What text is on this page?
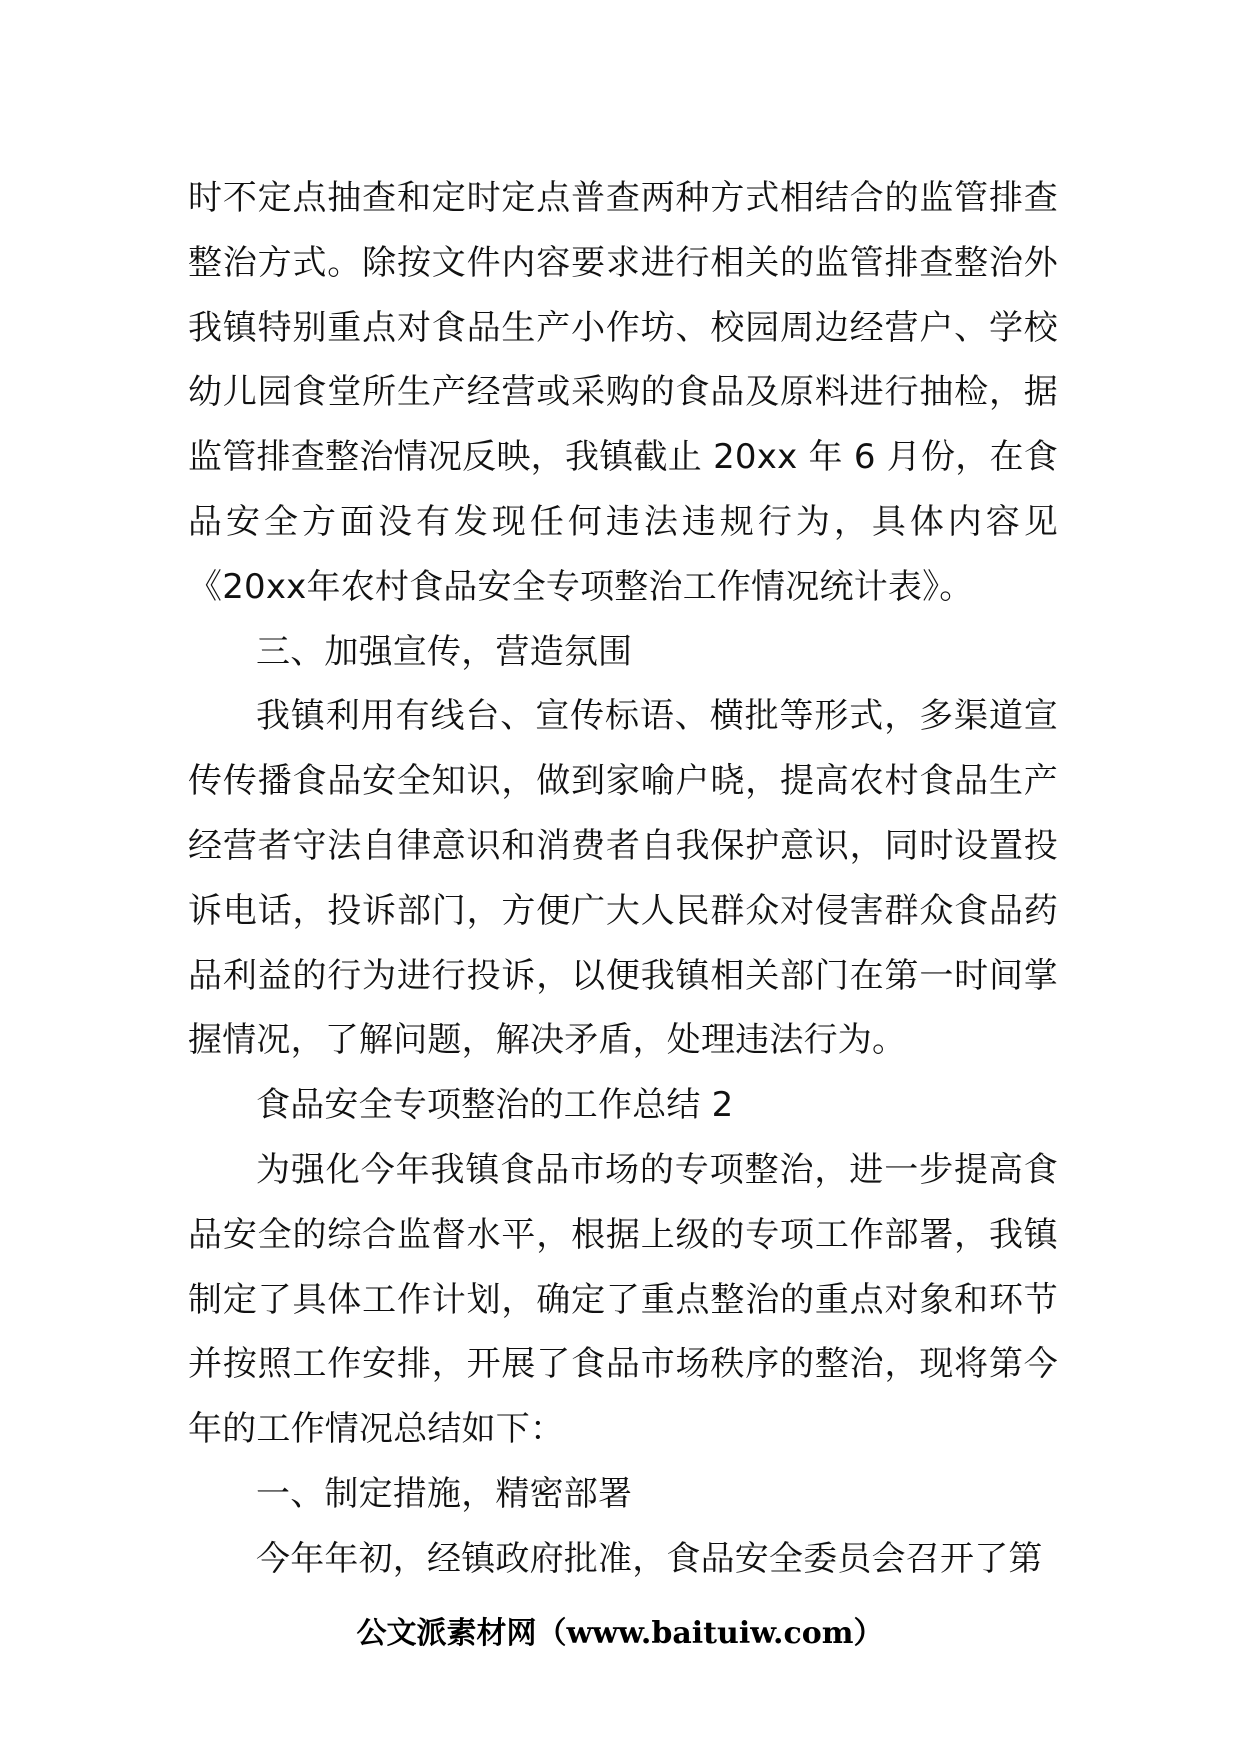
时不定点抽查和定时定点普查两种方式相结合的监管排查整治方式。除按文件内容要求进行相关的监管排查整治外我镇特别重点对食品生产小作坊、校园周边经营户、学校幼儿园食堂所生产经营或采购的食品及原料进行抽检，据监管排查整治情况反映，我镇截止 20xx 年 6 月份，在食品安全方面没有发现任何违法违规行为，具体内容见《20xx年农村食品安全专项整治工作情况统计表》。

三、加强宣传，营造氛围

我镇利用有线台、宣传标语、横批等形式，多渠道宣传传播食品安全知识，做到家喻户晓，提高农村食品生产经营者守法自律意识和消费者自我保护意识，同时设置投诉电话，投诉部门，方便广大人民群众对侵害群众食品药品利益的行为进行投诉，以便我镇相关部门在第一时间掌握情况，了解问题，解决矛盾，处理违法行为。

食品安全专项整治的工作总结 2

为强化今年我镇食品市场的专项整治，进一步提高食品安全的综合监督水平，根据上级的专项工作部署，我镇制定了具体工作计划，确定了重点整治的重点对象和环节并按照工作安排，开展了食品市场秩序的整治，现将第今年的工作情况总结如下：

一、制定措施，精密部署

今年年初，经镇政府批准，食品安全委员会召开了第

公文派素材网（www.baituiw.com）
